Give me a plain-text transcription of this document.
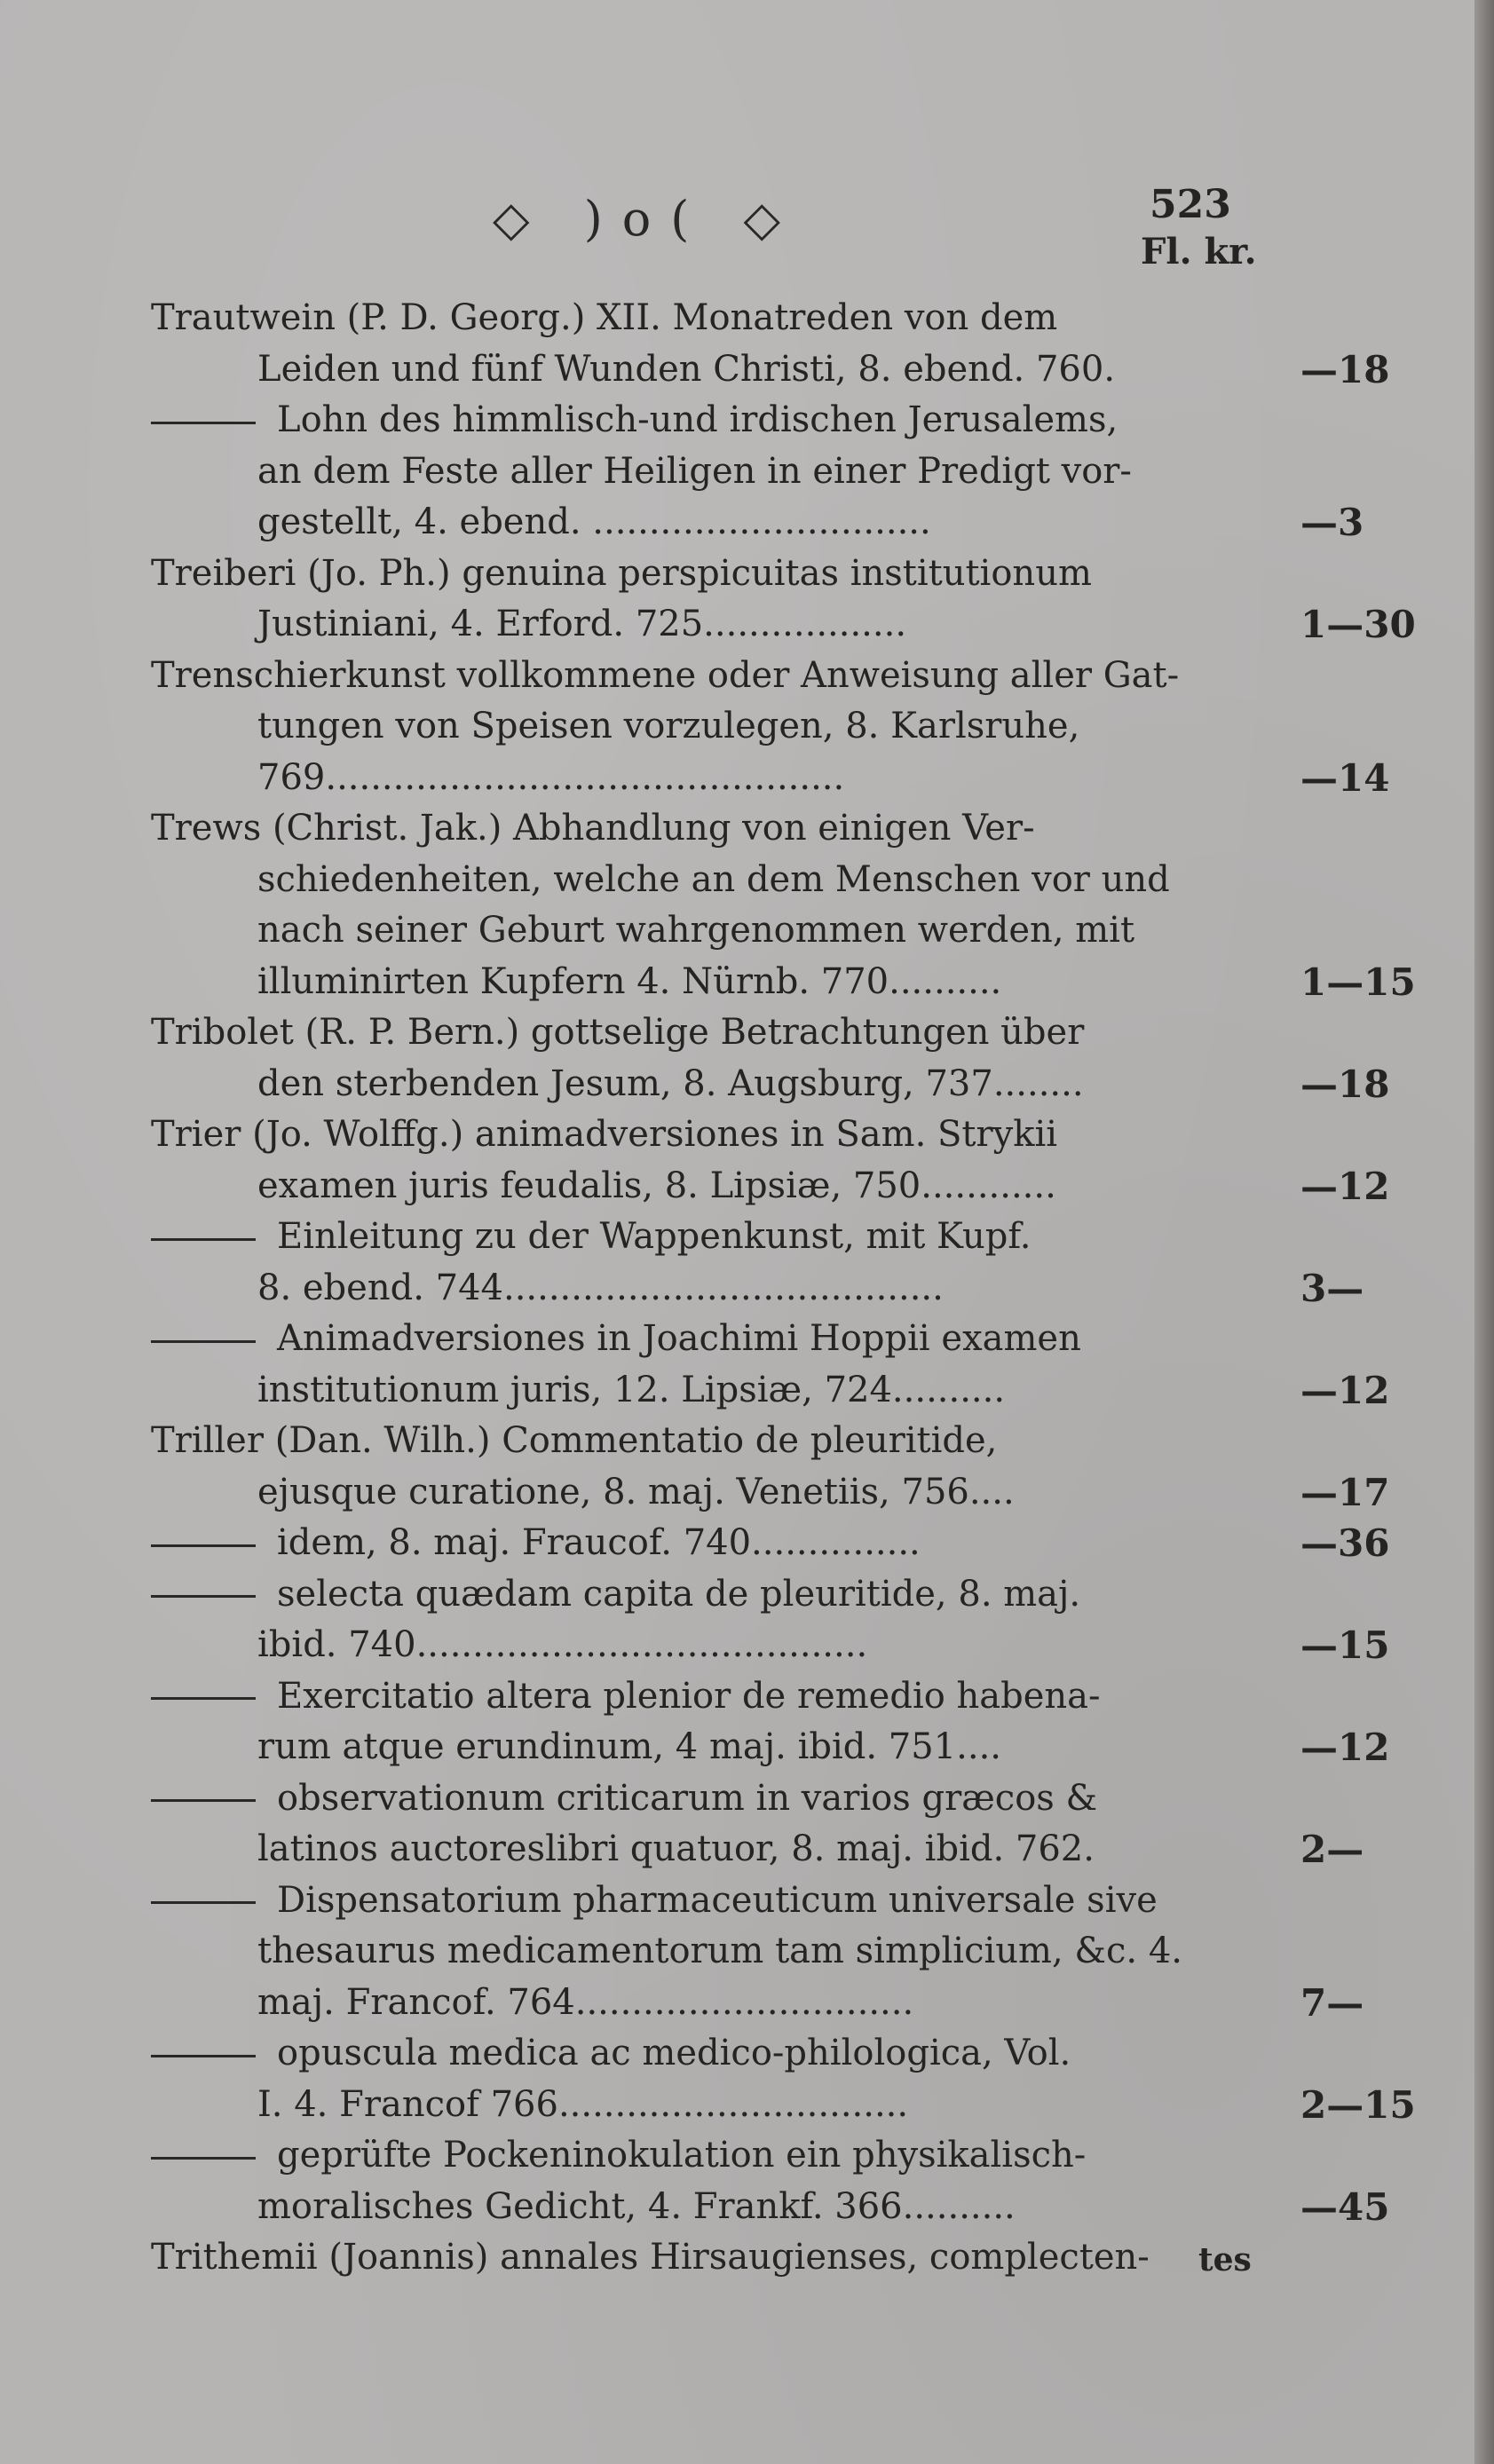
◇ )o( ◇	523
Fl. kr.
Trautwein (P. D. Georg.) XII. Monatreden von dem
Leiden und fünf Wunden Christi, 8. ebend. 760.	—18
Lohn des himmlisch-und irdischen Jerusalems,
an dem Feste aller Heiligen in einer Predigt vor-
gestellt, 4. ebend. ..............................	—3
Treiberi (Jo. Ph.) genuina perspicuitas institutionum
Justiniani, 4. Erford. 725..................	1—30
Trenschierkunst vollkommene oder Anweisung aller Gat-
tungen von Speisen vorzulegen, 8. Karlsruhe,
769..............................................	—14
Trews (Christ. Jak.) Abhandlung von einigen Ver-
schiedenheiten, welche an dem Menschen vor und
nach seiner Geburt wahrgenommen werden, mit
illuminirten Kupfern 4. Nürnb. 770..........	1—15
Tribolet (R. P. Bern.) gottselige Betrachtungen über
den sterbenden Jesum, 8. Augsburg, 737........	—18
Trier (Jo. Wolffg.) animadversiones in Sam. Strykii
examen juris feudalis, 8. Lipsiæ, 750............	—12
Einleitung zu der Wappenkunst, mit Kupf.
8. ebend. 744.......................................	3—
Animadversiones in Joachimi Hoppii examen
institutionum juris, 12. Lipsiæ, 724..........	—12
Triller (Dan. Wilh.) Commentatio de pleuritide,
ejusque curatione, 8. maj. Venetiis, 756....	—17
idem, 8. maj. Fraucof. 740...............	—36
selecta quædam capita de pleuritide, 8. maj.
ibid. 740........................................	—15
Exercitatio altera plenior de remedio habena-
rum atque erundinum, 4 maj. ibid. 751....	—12
observationum criticarum in varios græcos &
latinos auctoreslibri quatuor, 8. maj. ibid. 762.	2—
Dispensatorium pharmaceuticum universale sive
thesaurus medicamentorum tam simplicium, &c. 4.
maj. Francof. 764..............................	7—
opuscula medica ac medico-philologica, Vol.
I. 4. Francof 766...............................	2—15
geprüfte Pockeninokulation ein physikalisch-
moralisches Gedicht, 4. Frankf. 366..........	—45
Trithemii (Joannis) annales Hirsaugienses, complecten-	tes
